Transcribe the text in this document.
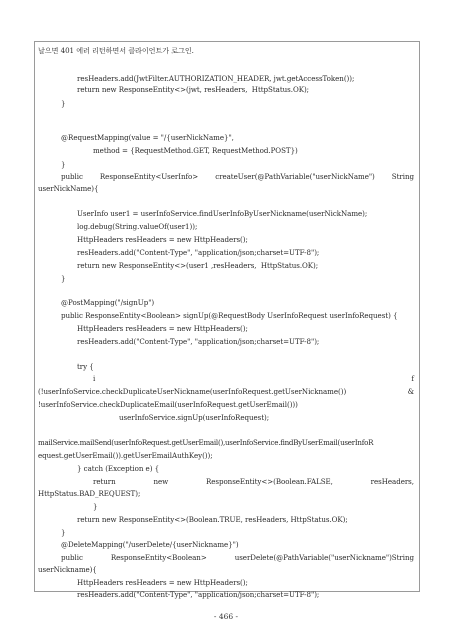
날으면 401 에러 리턴하면서 클라이언트가 로그인.
resHeaders.add(JwtFilter.AUTHORIZATION_HEADER, jwt.getAccessToken());
return new ResponseEntity<>(jwt, resHeaders,  HttpStatus.OK);
}
@RequestMapping(value = "/{userNickName}",
method = {RequestMethod.GET, RequestMethod.POST})
}
public ResponseEntity<UserInfo> createUser(@PathVariable("userNickName") String
userNickName){
UserInfo user1 = userInfoService.findUserInfoByUserNickname(userNickName);
log.debug(String.valueOf(user1));
HttpHeaders resHeaders = new HttpHeaders();
resHeaders.add("Content-Type", "application/json;charset=UTF-8");
return new ResponseEntity<>(user1 ,resHeaders,  HttpStatus.OK);
}
@PostMapping("/signUp")
public ResponseEntity<Boolean> signUp(@RequestBody UserInfoRequest userInfoRequest) {
HttpHeaders resHeaders = new HttpHeaders();
resHeaders.add("Content-Type", "application/json;charset=UTF-8");
try {
i	f
(!userInfoService.checkDuplicateUserNickname(userInfoRequest.getUserNickname())	&
!userInfoService.checkDuplicateEmail(userInfoRequest.getUserEmail()))
userInfoService.signUp(userInfoRequest);
mailService.mailSend(userInfoRequest.getUserEmail(),userInfoService.findByUserEmail(userInfoR
equest.getUserEmail()).getUserEmailAuthKey());
} catch (Exception e) {
return	new	ResponseEntity<>(Boolean.FALSE,	resHeaders,
HttpStatus.BAD_REQUEST);
}
return new ResponseEntity<>(Boolean.TRUE, resHeaders, HttpStatus.OK);
}
@DeleteMapping("/userDelete/{userNickname}")
public	ResponseEntity<Boolean>	userDelete(@PathVariable("userNickname")String
userNickname){
HttpHeaders resHeaders = new HttpHeaders();
resHeaders.add("Content-Type", "application/json;charset=UTF-8");
- 466 -
